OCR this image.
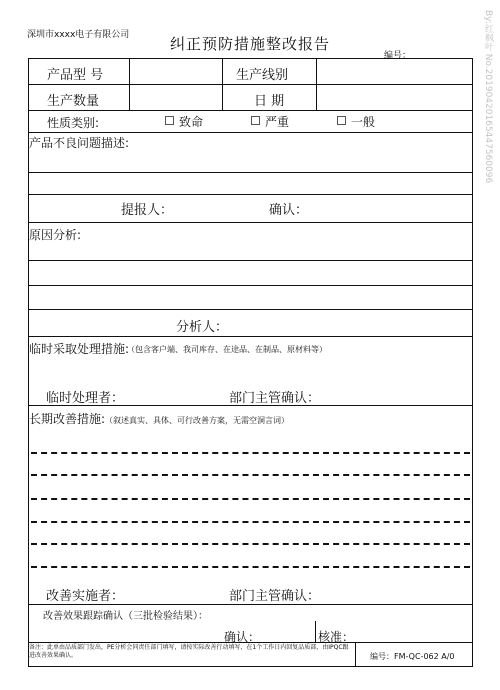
深圳市xxxx电子有限公司	纠正预防措施整改报告
编号：
产品型 号	生产线别
生产数量	日 期
性质类别:	致命	严重	一般
产品不良问题描述:
提报人：	确认：
原因分析:
分析人：
临时采取处理措施:
（包含客户端、我司库存、在途品、在制品、原材料等）
临时处理者：	部门主管确认：
长期改善措施: （叙述真实、具体、可行改善方案，无需空洞言词）
改善实施者：	部门主管确认：
改善效果跟踪确认（三批检验结果）：
确认：	核准：
备注：此单由品质部门发出，PE分析会同责任部门填写，请按实际改善行动填写，在1个工作日内回复品质部，由IPQC跟进改善效果确认。	编号：FM-QC-062 A/0
By:红枫叶 No.20190420165447560096
